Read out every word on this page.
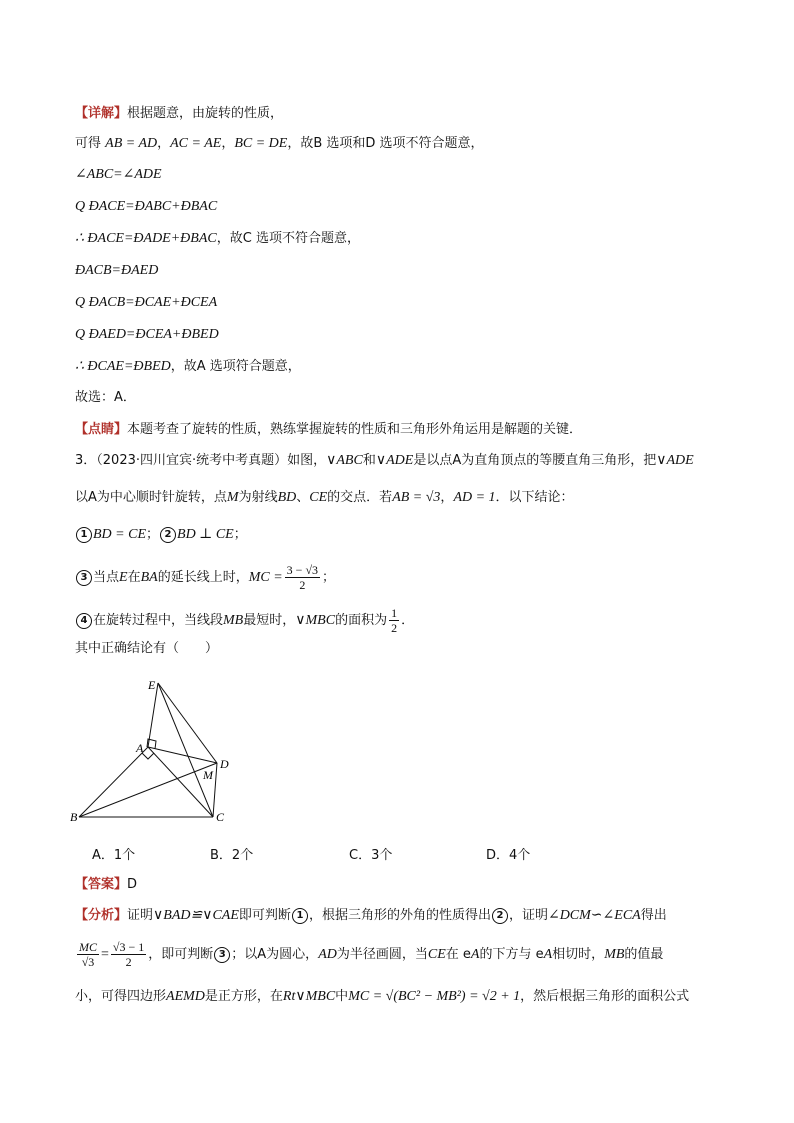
【详解】根据题意，由旋转的性质，
可得 AB = AD，AC = AE，BC = DE，故B 选项和D 选项不符合题意，
∠ABC=∠ADE
Q ÐACE=ÐABC+ÐBAC
∴ ÐACE=ÐADE+ÐBAC，故C 选项不符合题意，
ÐACB=ÐAED
Q ÐACB=ÐCAE+ÐCEA
Q ÐAED=ÐCEA+ÐBED
∴ ÐCAE=ÐBED，故A 选项符合题意，
故选：A．
【点睛】本题考查了旋转的性质，熟练掌握旋转的性质和三角形外角运用是解题的关键．
3．（2023·四川宜宾·统考中考真题）如图，∨ABC和∨ADE是以点A为直角顶点的等腰直角三角形，把∨ADE
以A为中心顺时针旋转，点M为射线BD、CE的交点．若AB = √3，AD = 1．以下结论：
1 BD = CE； 2 BD ⊥ CE；
3 当点E在BA的延长线上时，MC = $\frac{3 - √3}{2}$ ；
4 在旋转过程中，当线段MB最短时，∨MBC的面积为 $\frac{1}{2}$ ．
其中正确结论有（　　）
E
A
D
M
B	C
A．1个	B．2个	C．3个	D．4个
【答案】D
【分析】证明∨BAD≌∨CAE即可判断 1 ，根据三角形的外角的性质得出 2 ，证明∠DCM∽∠ECA得出
$\frac{MC}{√3} = \frac{√3 - 1}{2}$ ，即可判断 3 ；以A为圆心，AD为半径画圆，当CE在 eA的下方与 eA相切时，MB的值最
小，可得四边形AEMD是正方形，在Rt∨MBC中MC = √(BC² − MB²) = √2 + 1，然后根据三角形的面积公式
